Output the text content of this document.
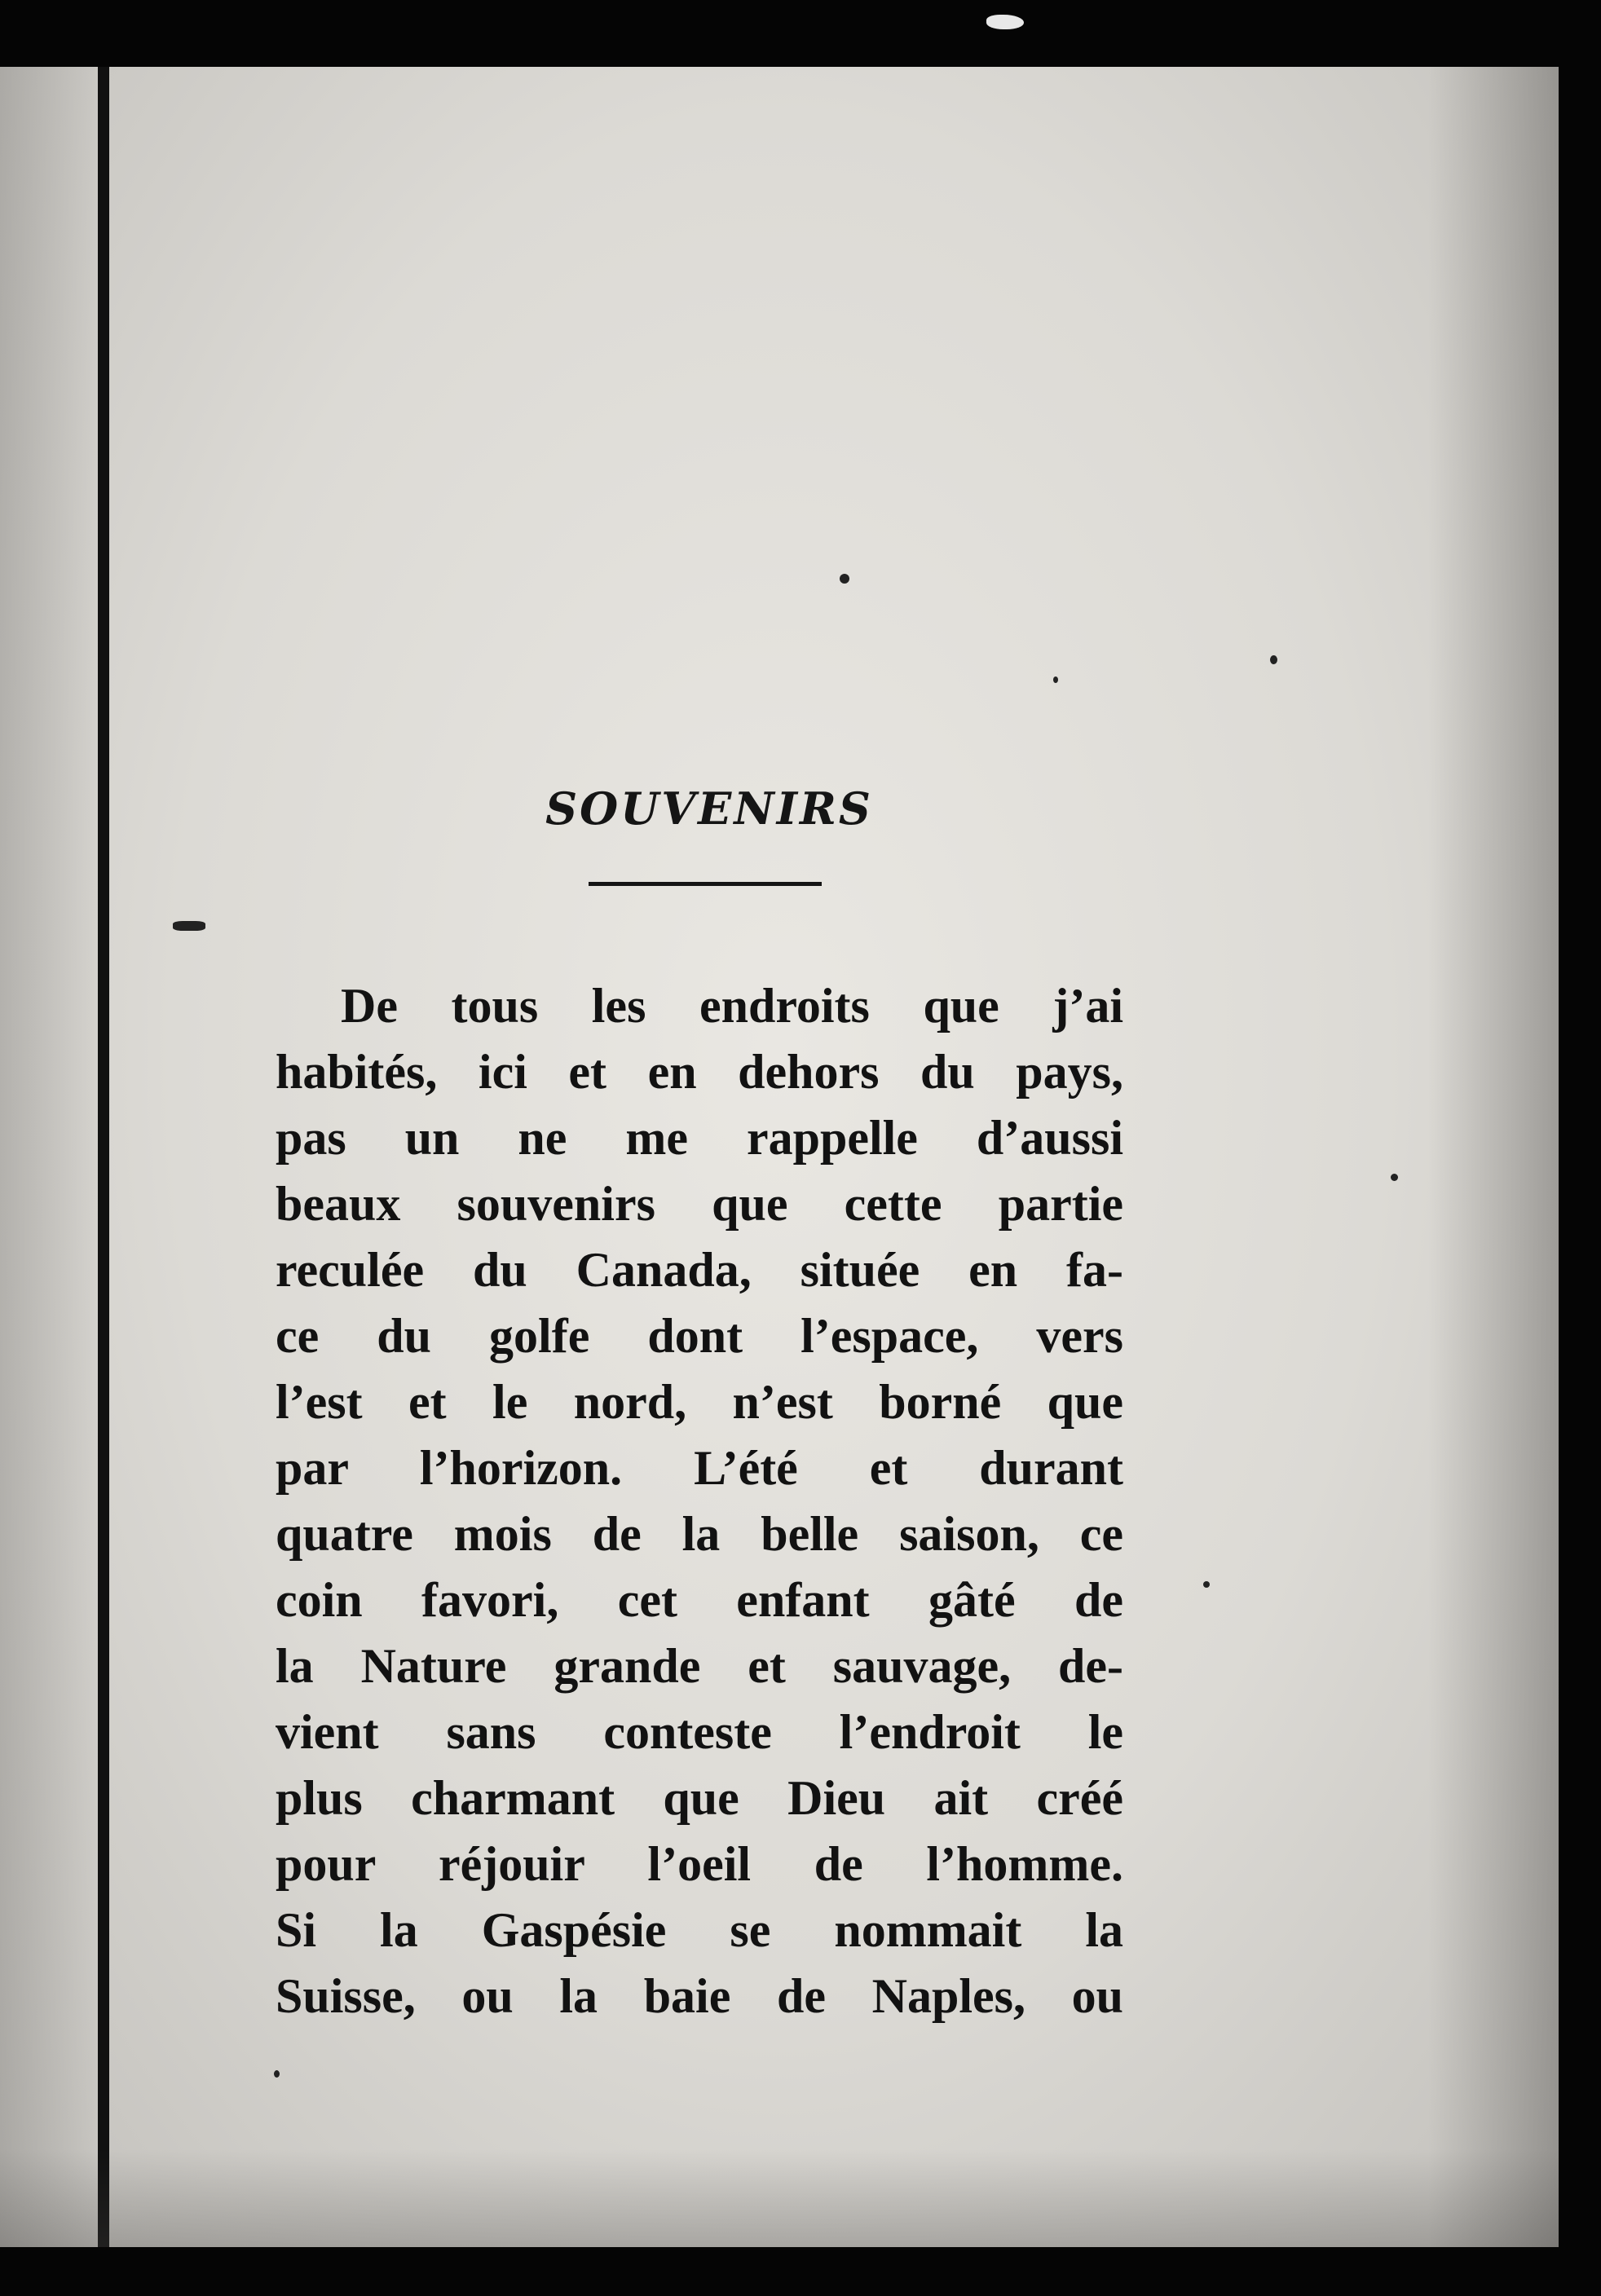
SOUVENIRS
De tous les endroits que j’ai
habités, ici et en dehors du pays,
pas un ne me rappelle d’aussi
beaux souvenirs que cette partie
reculée du Canada, située en fa-
ce du golfe dont l’espace, vers
l’est et le nord, n’est borné que
par l’horizon. L’été et durant
quatre mois de la belle saison, ce
coin favori, cet enfant gâté de
la Nature grande et sauvage, de-
vient sans conteste l’endroit le
plus charmant que Dieu ait créé
pour réjouir l’oeil de l’homme.
Si la Gaspésie se nommait la
Suisse, ou la baie de Naples, ou
